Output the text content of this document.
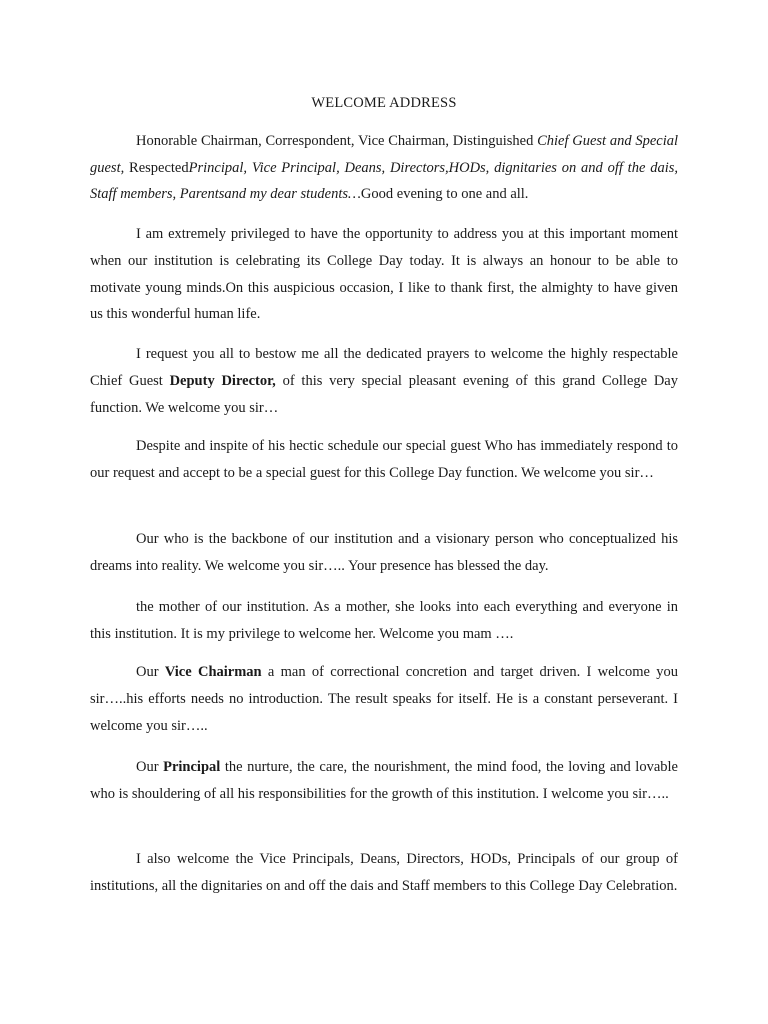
WELCOME ADDRESS

Honorable Chairman, Correspondent, Vice Chairman, Distinguished Chief Guest and Special guest, RespectedPrincipal, Vice Principal, Deans, Directors,HODs, dignitaries on and off the dais, Staff members, Parentsand my dear students…Good evening to one and all.

I am extremely privileged to have the opportunity to address you at this important moment when our institution is celebrating its College Day today. It is always an honour to be able to motivate young minds.On this auspicious occasion, I like to thank first, the almighty to have given us this wonderful human life.

I request you all to bestow me all the dedicated prayers to welcome the highly respectable Chief Guest Deputy Director, of this very special pleasant evening of this grand College Day function. We welcome you sir…

Despite and inspite of his hectic schedule our special guest Who has immediately respond to our request and accept to be a special guest for this College Day function. We welcome you sir…

Our who is the backbone of our institution and a visionary person who conceptualized his dreams into reality. We welcome you sir….. Your presence has blessed the day.

the mother of our institution. As a mother, she looks into each everything and everyone in this institution. It is my privilege to welcome her. Welcome you mam ….

Our Vice Chairman a man of correctional concretion and target driven. I welcome you sir…..his efforts needs no introduction. The result speaks for itself. He is a constant perseverant. I welcome you sir…..

Our Principal the nurture, the care, the nourishment, the mind food, the loving and lovable who is shouldering of all his responsibilities for the growth of this institution. I welcome you sir…..

I also welcome the Vice Principals, Deans, Directors, HODs, Principals of our group of institutions, all the dignitaries on and off the dais and Staff members to this College Day Celebration.
